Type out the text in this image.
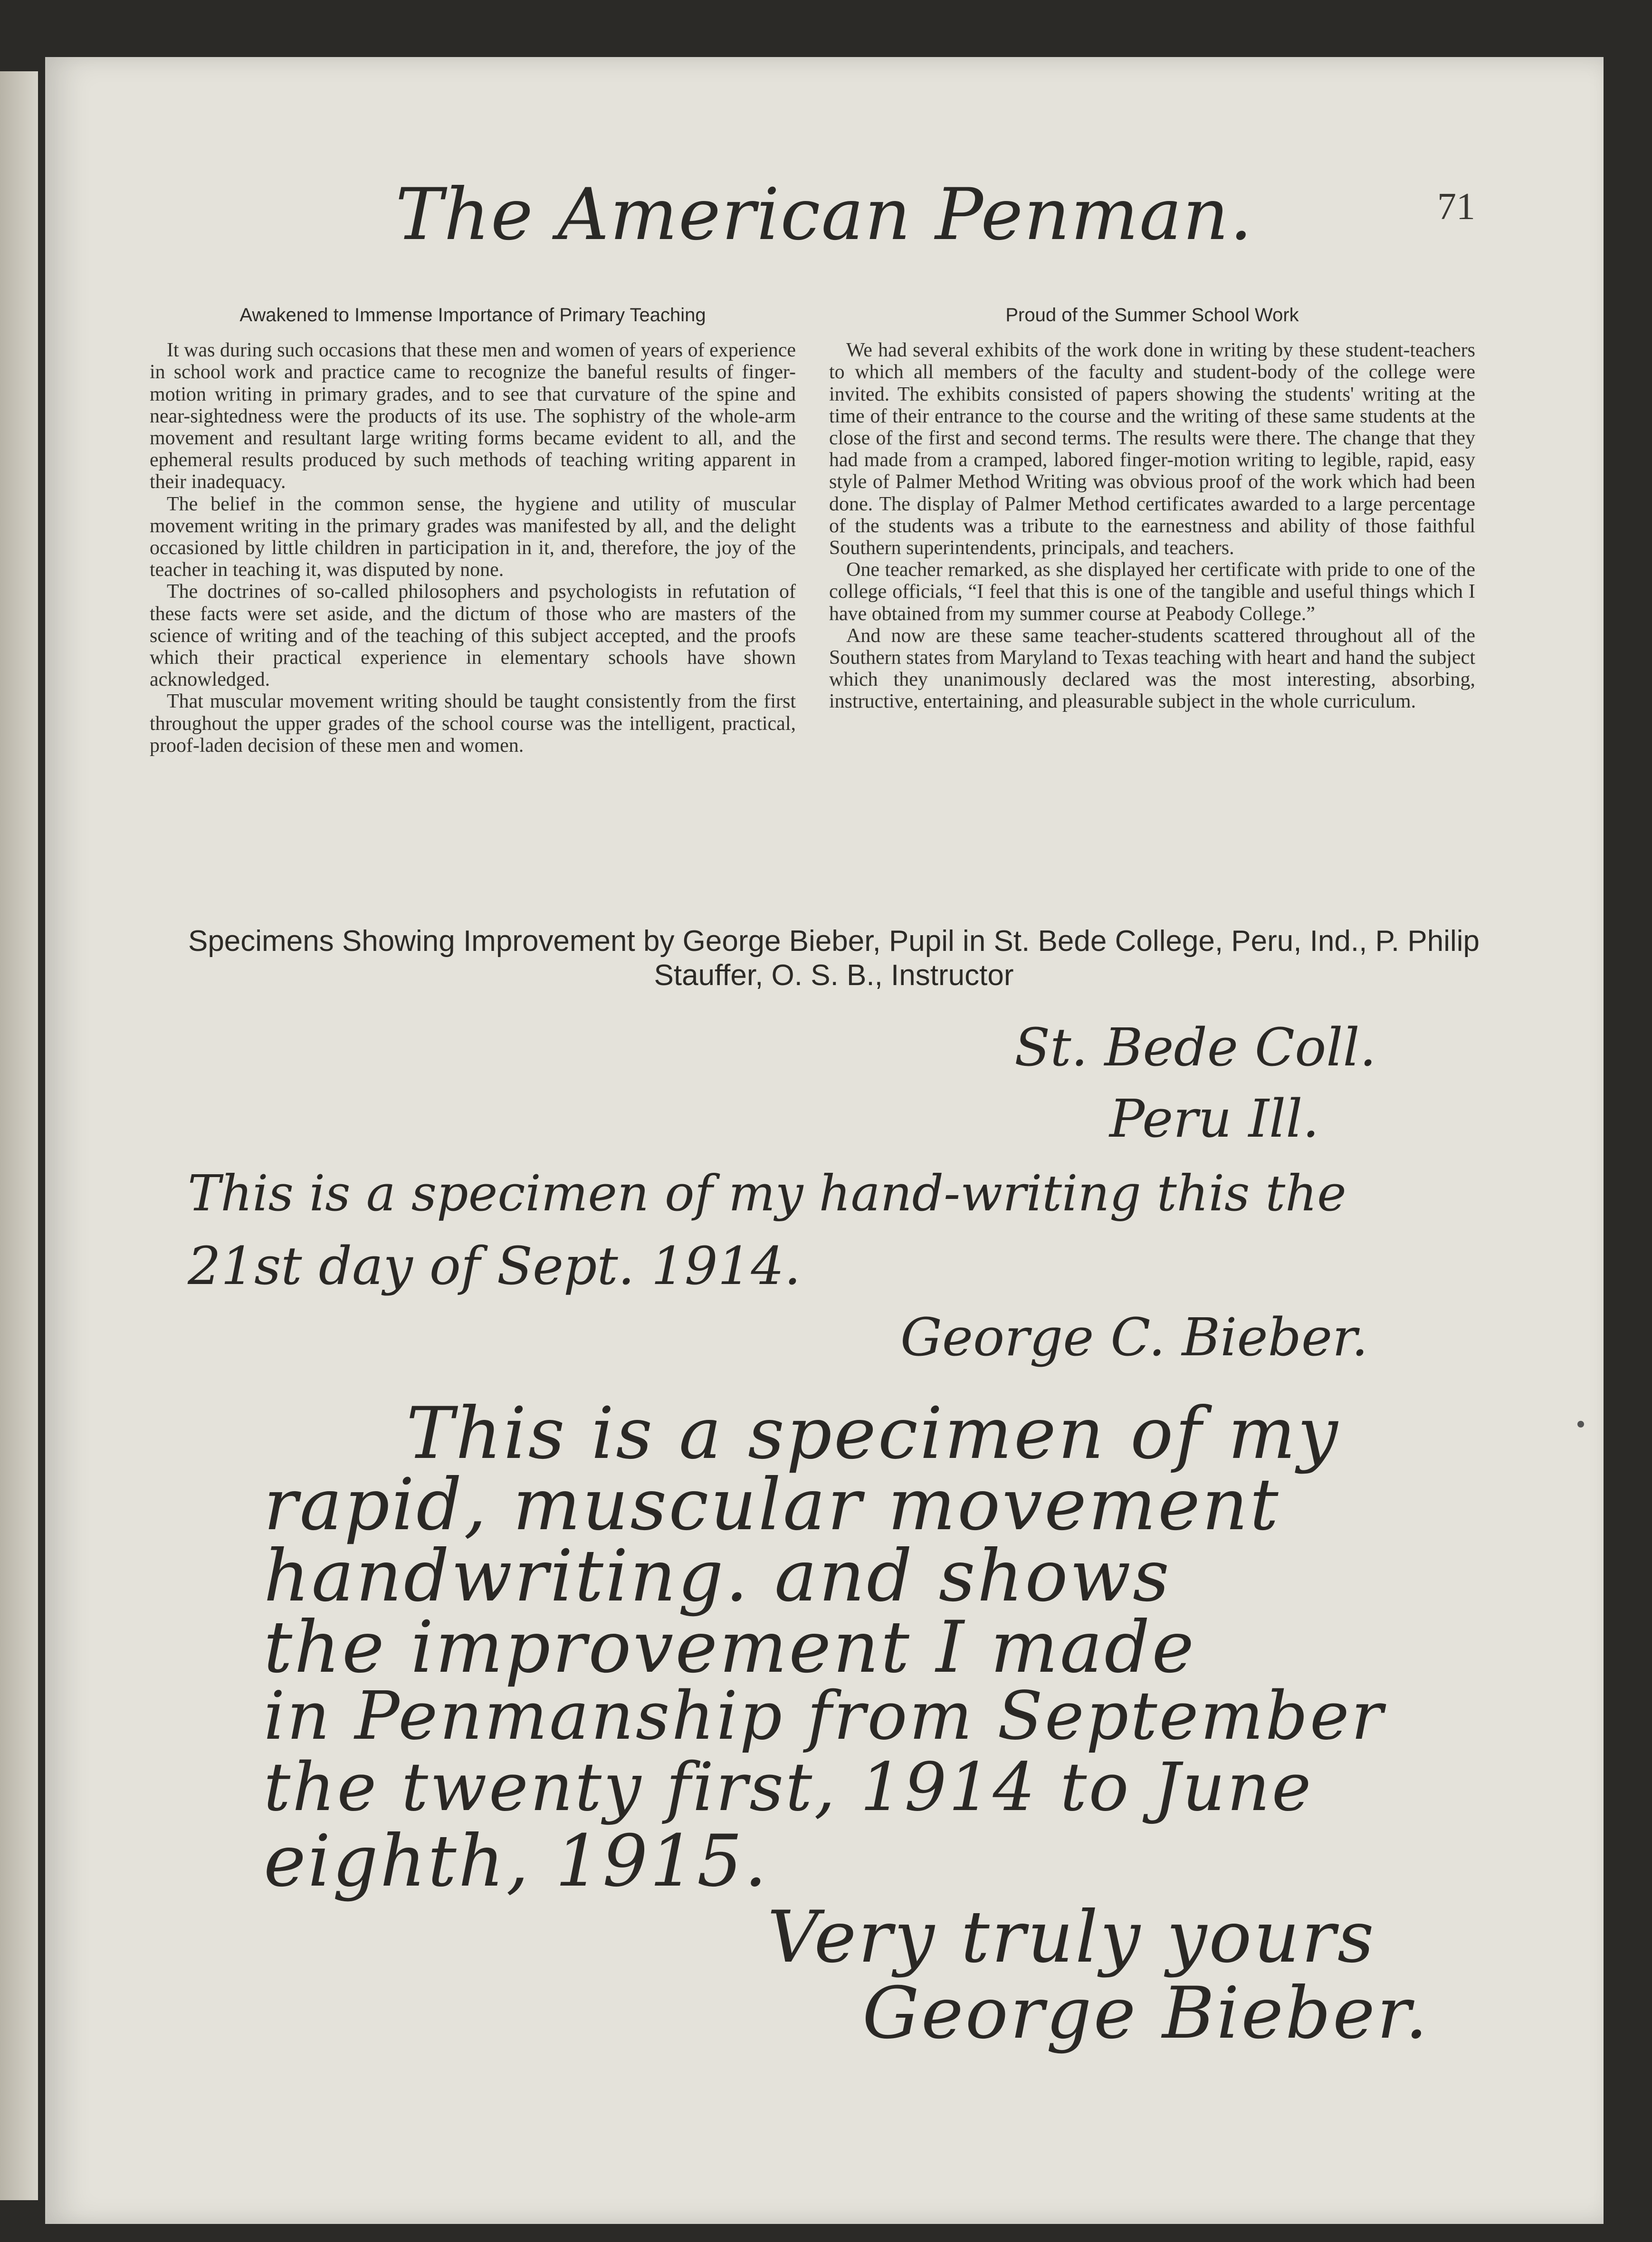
The American Penman.	71
Awakened to Immense Importance of Primary Teaching

It was during such occasions that these men and women of years of experience in school work and practice came to recognize the baneful results of finger-motion writing in primary grades, and to see that curvature of the spine and near-sightedness were the products of its use. The sophistry of the whole-arm movement and resultant large writing forms became evident to all, and the ephemeral results produced by such methods of teaching writing apparent in their inadequacy.

The belief in the common sense, the hygiene and utility of muscular movement writing in the primary grades was manifested by all, and the delight occasioned by little children in participation in it, and, therefore, the joy of the teacher in teaching it, was disputed by none.

The doctrines of so-called philosophers and psychologists in refutation of these facts were set aside, and the dictum of those who are masters of the science of writing and of the teaching of this subject accepted, and the proofs which their practical experience in elementary schools have shown acknowledged.

That muscular movement writing should be taught consistently from the first throughout the upper grades of the school course was the intelligent, practical, proof-laden decision of these men and women.

Proud of the Summer School Work

We had several exhibits of the work done in writing by these student-teachers to which all members of the faculty and student-body of the college were invited. The exhibits consisted of papers showing the students' writing at the time of their entrance to the course and the writing of these same students at the close of the first and second terms. The results were there. The change that they had made from a cramped, labored finger-motion writing to legible, rapid, easy style of Palmer Method Writing was obvious proof of the work which had been done. The display of Palmer Method certificates awarded to a large percentage of the students was a tribute to the earnestness and ability of those faithful Southern superintendents, principals, and teachers.

One teacher remarked, as she displayed her certificate with pride to one of the college officials, “I feel that this is one of the tangible and useful things which I have obtained from my summer course at Peabody College.”

And now are these same teacher-students scattered throughout all of the Southern states from Maryland to Texas teaching with heart and hand the subject which they unanimously declared was the most interesting, absorbing, instructive, entertaining, and pleasurable subject in the whole curriculum.

Specimens Showing Improvement by George Bieber, Pupil in St. Bede College, Peru, Ind., P. Philip
Stauffer, O. S. B., Instructor
St. Bede Coll.
Peru Ill.
This is a specimen of my hand-writing this the
21st day of Sept. 1914.
George C. Bieber.
This is a specimen of my
rapid, muscular movement
handwriting. and shows
the improvement I made
in Penmanship from September
the twenty first, 1914 to June
eighth, 1915.
Very truly yours
George Bieber.
